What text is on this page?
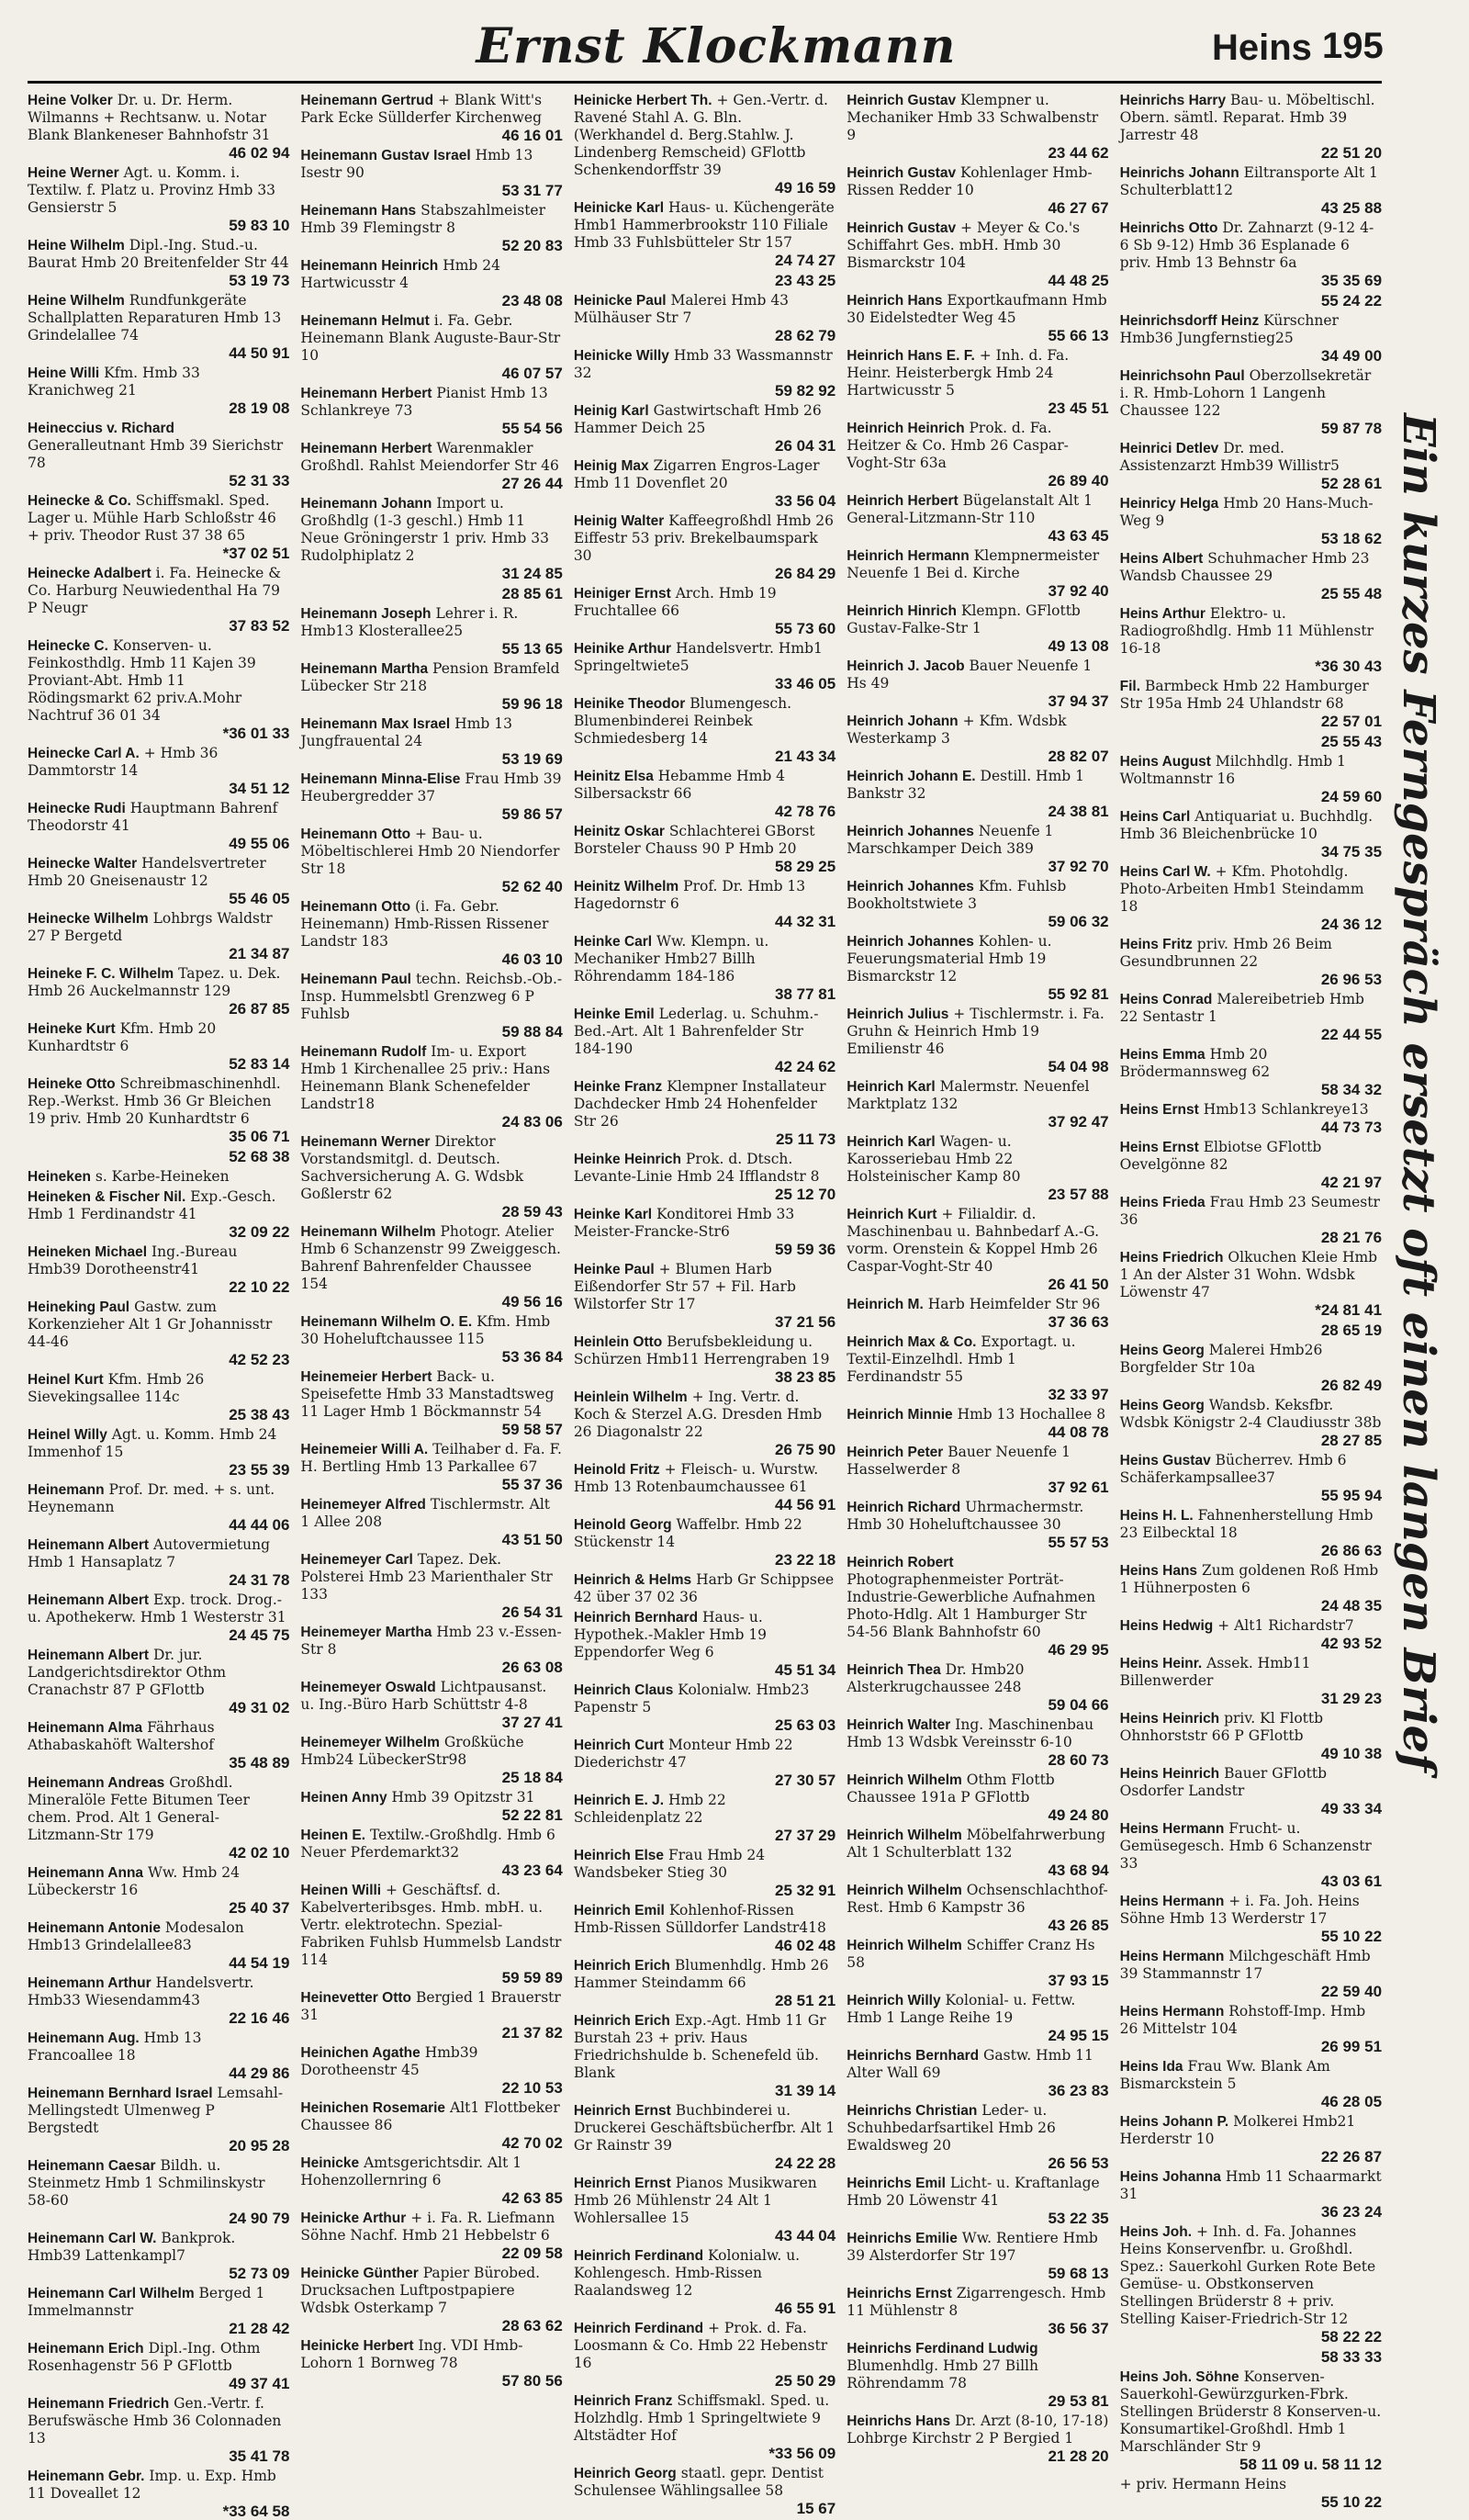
Ernst Klockmann	Heins 195
Heine Volker Dr. u. Dr. Herm. Wilmanns + Rechtsanw. u. Notar Blank Blankeneser Bahnhofstr 31
46 02 94
Heine Werner Agt. u. Komm. i. Textilw. f. Platz u. Provinz Hmb 33 Gensierstr 5
59 83 10
Heine Wilhelm Dipl.-Ing. Stud.-u. Baurat Hmb 20 Breitenfelder Str 44
53 19 73
Heine Wilhelm Rundfunkgeräte Schallplatten Reparaturen Hmb 13 Grindelallee 74
44 50 91
Heine Willi Kfm. Hmb 33 Kranichweg 21
28 19 08
Heineccius v. Richard Generalleutnant Hmb 39 Sierichstr 78
52 31 33
Heinecke & Co. Schiffsmakl. Sped. Lager u. Mühle Harb Schloßstr 46 + priv. Theodor Rust 37 38 65
*37 02 51
Heinecke Adalbert i. Fa. Heinecke & Co. Harburg Neuwiedenthal Ha 79 P Neugr
37 83 52
Heinecke C. Konserven- u. Feinkosthdlg. Hmb 11 Kajen 39 Proviant-Abt. Hmb 11 Rödingsmarkt 62 priv.A.Mohr Nachtruf 36 01 34
*36 01 33
Heinecke Carl A. + Hmb 36 Dammtorstr 14
34 51 12
Heinecke Rudi Hauptmann Bahrenf Theodorstr 41
49 55 06
Heinecke Walter Handelsvertreter Hmb 20 Gneisenaustr 12
55 46 05
Heinecke Wilhelm Lohbrgs Waldstr 27 P Bergetd
21 34 87
Heineke F. C. Wilhelm Tapez. u. Dek. Hmb 26 Auckelmannstr 129
26 87 85
Heineke Kurt Kfm. Hmb 20 Kunhardtstr 6
52 83 14
Heineke Otto Schreibmaschinenhdl. Rep.-Werkst. Hmb 36 Gr Bleichen 19 priv. Hmb 20 Kunhardtstr 6
35 06 71
52 68 38
Heineken s. Karbe-Heineken
Heineken & Fischer Nil. Exp.-Gesch. Hmb 1 Ferdinandstr 41
32 09 22
Heineken Michael Ing.-Bureau Hmb39 Dorotheenstr41
22 10 22
Heineking Paul Gastw. zum Korkenzieher Alt 1 Gr Johannisstr 44-46
42 52 23
Heinel Kurt Kfm. Hmb 26 Sievekingsallee 114c
25 38 43
Heinel Willy Agt. u. Komm. Hmb 24 Immenhof 15
23 55 39
Heinemann Prof. Dr. med. + s. unt. Heynemann
44 44 06
Heinemann Albert Autovermietung Hmb 1 Hansaplatz 7
24 31 78
Heinemann Albert Exp. trock. Drog.- u. Apothekerw. Hmb 1 Westerstr 31
24 45 75
Heinemann Albert Dr. jur. Landgerichtsdirektor Othm Cranachstr 87 P GFlottb
49 31 02
Heinemann Alma Fährhaus Athabaskahöft Waltershof
35 48 89
Heinemann Andreas Großhdl. Mineralöle Fette Bitumen Teer chem. Prod. Alt 1 General-Litzmann-Str 179
42 02 10
Heinemann Anna Ww. Hmb 24 Lübeckerstr 16
25 40 37
Heinemann Antonie Modesalon Hmb13 Grindelallee83
44 54 19
Heinemann Arthur Handelsvertr. Hmb33 Wiesendamm43
22 16 46
Heinemann Aug. Hmb 13 Francoallee 18
44 29 86
Heinemann Bernhard Israel Lemsahl-Mellingstedt Ulmenweg P Bergstedt
20 95 28
Heinemann Caesar Bildh. u. Steinmetz Hmb 1 Schmilinskystr 58-60
24 90 79
Heinemann Carl W. Bankprok. Hmb39 Lattenkampl7
52 73 09
Heinemann Carl Wilhelm Berged 1 Immelmannstr
21 28 42
Heinemann Erich Dipl.-Ing. Othm Rosenhagenstr 56 P GFlottb
49 37 41
Heinemann Friedrich Gen.-Vertr. f. Berufswäsche Hmb 36 Colonnaden 13
35 41 78
Heinemann Gebr. Imp. u. Exp. Hmb 11 Doveallet 12
*33 64 58
Heinemann Gertrud + Blank Witt's Park Ecke Süllderfer Kirchenweg
46 16 01
Heinemann Gustav Israel Hmb 13 Isestr 90
53 31 77
Heinemann Hans Stabszahlmeister Hmb 39 Flemingstr 8
52 20 83
Heinemann Heinrich Hmb 24 Hartwicusstr 4
23 48 08
Heinemann Helmut i. Fa. Gebr. Heinemann Blank Auguste-Baur-Str 10
46 07 57
Heinemann Herbert Pianist Hmb 13 Schlankreye 73
55 54 56
Heinemann Herbert Warenmakler Großhdl. Rahlst Meiendorfer Str 46
27 26 44
Heinemann Johann Import u. Großhdlg (1-3 geschl.) Hmb 11 Neue Gröningerstr 1 priv. Hmb 33 Rudolphiplatz 2
31 24 85
28 85 61
Heinemann Joseph Lehrer i. R. Hmb13 Klosterallee25
55 13 65
Heinemann Martha Pension Bramfeld Lübecker Str 218
59 96 18
Heinemann Max Israel Hmb 13 Jungfrauental 24
53 19 69
Heinemann Minna-Elise Frau Hmb 39 Heubergredder 37
59 86 57
Heinemann Otto + Bau- u. Möbeltischlerei Hmb 20 Niendorfer Str 18
52 62 40
Heinemann Otto (i. Fa. Gebr. Heinemann) Hmb-Rissen Rissener Landstr 183
46 03 10
Heinemann Paul techn. Reichsb.-Ob.-Insp. Hummelsbtl Grenzweg 6 P Fuhlsb
59 88 84
Heinemann Rudolf Im- u. Export Hmb 1 Kirchenallee 25 priv.: Hans Heinemann Blank Schenefelder Landstr18
24 83 06
Heinemann Werner Direktor Vorstandsmitgl. d. Deutsch. Sachversicherung A. G. Wdsbk Goßlerstr 62
28 59 43
Heinemann Wilhelm Photogr. Atelier Hmb 6 Schanzenstr 99 Zweiggesch. Bahrenf Bahrenfelder Chaussee 154
49 56 16
Heinemann Wilhelm O. E. Kfm. Hmb 30 Hoheluftchaussee 115
53 36 84
Heinemeier Herbert Back- u. Speisefette Hmb 33 Manstadtsweg 11 Lager Hmb 1 Böckmannstr 54
59 58 57
Heinemeier Willi A. Teilhaber d. Fa. F. H. Bertling Hmb 13 Parkallee 67
55 37 36
Heinemeyer Alfred Tischlermstr. Alt 1 Allee 208
43 51 50
Heinemeyer Carl Tapez. Dek. Polsterei Hmb 23 Marienthaler Str 133
26 54 31
Heinemeyer Martha Hmb 23 v.-Essen-Str 8
26 63 08
Heinemeyer Oswald Lichtpausanst. u. Ing.-Büro Harb Schüttstr 4-8
37 27 41
Heinemeyer Wilhelm Großküche Hmb24 LübeckerStr98
25 18 84
Heinen Anny Hmb 39 Opitzstr 31
52 22 81
Heinen E. Textilw.-Großhdlg. Hmb 6 Neuer Pferdemarkt32
43 23 64
Heinen Willi + Geschäftsf. d. Kabelverteribsges. Hmb. mbH. u. Vertr. elektrotechn. Spezial-Fabriken Fuhlsb Hummelsb Landstr 114
59 59 89
Heinevetter Otto Bergied 1 Brauerstr 31
21 37 82
Heinichen Agathe Hmb39 Dorotheenstr 45
22 10 53
Heinichen Rosemarie Alt1 Flottbeker Chaussee 86
42 70 02
Heinicke Amtsgerichtsdir. Alt 1 Hohenzollernring 6
42 63 85
Heinicke Arthur + i. Fa. R. Liefmann Söhne Nachf. Hmb 21 Hebbelstr 6
22 09 58
Heinicke Günther Papier Bürobed. Drucksachen Luftpostpapiere Wdsbk Osterkamp 7
28 63 62
Heinicke Herbert Ing. VDI Hmb-Lohorn 1 Bornweg 78
57 80 56
Heinicke Herbert Th. + Gen.-Vertr. d. Ravené Stahl A. G. Bln. (Werkhandel d. Berg.Stahlw. J. Lindenberg Remscheid) GFlottb Schenkendorffstr 39
49 16 59
Heinicke Karl Haus- u. Küchengeräte Hmb1 Hammerbrookstr 110 Filiale Hmb 33 Fuhlsbütteler Str 157
24 74 27
23 43 25
Heinicke Paul Malerei Hmb 43 Mülhäuser Str 7
28 62 79
Heinicke Willy Hmb 33 Wassmannstr 32
59 82 92
Heinig Karl Gastwirtschaft Hmb 26 Hammer Deich 25
26 04 31
Heinig Max Zigarren Engros-Lager Hmb 11 Dovenflet 20
33 56 04
Heinig Walter Kaffeegroßhdl Hmb 26 Eiffestr 53 priv. Brekelbaumspark 30
26 84 29
Heiniger Ernst Arch. Hmb 19 Fruchtallee 66
55 73 60
Heinike Arthur Handelsvertr. Hmb1 Springeltwiete5
33 46 05
Heinike Theodor Blumengesch. Blumenbinderei Reinbek Schmiedesberg 14
21 43 34
Heinitz Elsa Hebamme Hmb 4 Silbersackstr 66
42 78 76
Heinitz Oskar Schlachterei GBorst Borsteler Chauss 90 P Hmb 20
58 29 25
Heinitz Wilhelm Prof. Dr. Hmb 13 Hagedornstr 6
44 32 31
Heinke Carl Ww. Klempn. u. Mechaniker Hmb27 Billh Röhrendamm 184-186
38 77 81
Heinke Emil Lederlag. u. Schuhm.-Bed.-Art. Alt 1 Bahrenfelder Str 184-190
42 24 62
Heinke Franz Klempner Installateur Dachdecker Hmb 24 Hohenfelder Str 26
25 11 73
Heinke Heinrich Prok. d. Dtsch. Levante-Linie Hmb 24 Ifflandstr 8
25 12 70
Heinke Karl Konditorei Hmb 33 Meister-Francke-Str6
59 59 36
Heinke Paul + Blumen Harb Eißendorfer Str 57 + Fil. Harb Wilstorfer Str 17
37 21 56
Heinlein Otto Berufsbekleidung u. Schürzen Hmb11 Herrengraben 19
38 23 85
Heinlein Wilhelm + Ing. Vertr. d. Koch & Sterzel A.G. Dresden Hmb 26 Diagonalstr 22
26 75 90
Heinold Fritz + Fleisch- u. Wurstw. Hmb 13 Rotenbaumchaussee 61
44 56 91
Heinold Georg Waffelbr. Hmb 22 Stückenstr 14
23 22 18
Heinrich & Helms Harb Gr Schippsee 42 über 37 02 36
Heinrich Bernhard Haus- u. Hypothek.-Makler Hmb 19 Eppendorfer Weg 6
45 51 34
Heinrich Claus Kolonialw. Hmb23 Papenstr 5
25 63 03
Heinrich Curt Monteur Hmb 22 Diederichstr 47
27 30 57
Heinrich E. J. Hmb 22 Schleidenplatz 22
27 37 29
Heinrich Else Frau Hmb 24 Wandsbeker Stieg 30
25 32 91
Heinrich Emil Kohlenhof-Rissen Hmb-Rissen Sülldorfer Landstr418
46 02 48
Heinrich Erich Blumenhdlg. Hmb 26 Hammer Steindamm 66
28 51 21
Heinrich Erich Exp.-Agt. Hmb 11 Gr Burstah 23 + priv. Haus Friedrichshulde b. Schenefeld üb. Blank
31 39 14
Heinrich Ernst Buchbinderei u. Druckerei Geschäftsbücherfbr. Alt 1 Gr Rainstr 39
24 22 28
Heinrich Ernst Pianos Musikwaren Hmb 26 Mühlenstr 24 Alt 1 Wohlersallee 15
43 44 04
Heinrich Ferdinand Kolonialw. u. Kohlengesch. Hmb-Rissen Raalandsweg 12
46 55 91
Heinrich Ferdinand + Prok. d. Fa. Loosmann & Co. Hmb 22 Hebenstr 16
25 50 29
Heinrich Franz Schiffsmakl. Sped. u. Holzhdlg. Hmb 1 Springeltwiete 9 Altstädter Hof
*33 56 09
Heinrich Georg staatl. gepr. Dentist Schulensee Wählingsallee 58
15 67
Heinrich Gustav Klempner u. Mechaniker Hmb 33 Schwalbenstr 9
23 44 62
Heinrich Gustav Kohlenlager Hmb-Rissen Redder 10
46 27 67
Heinrich Gustav + Meyer & Co.'s Schiffahrt Ges. mbH. Hmb 30 Bismarckstr 104
44 48 25
Heinrich Hans Exportkaufmann Hmb 30 Eidelstedter Weg 45
55 66 13
Heinrich Hans E. F. + Inh. d. Fa. Heinr. Heisterbergk Hmb 24 Hartwicusstr 5
23 45 51
Heinrich Heinrich Prok. d. Fa. Heitzer & Co. Hmb 26 Caspar-Voght-Str 63a
26 89 40
Heinrich Herbert Bügelanstalt Alt 1 General-Litzmann-Str 110
43 63 45
Heinrich Hermann Klempnermeister Neuenfe 1 Bei d. Kirche
37 92 40
Heinrich Hinrich Klempn. GFlottb Gustav-Falke-Str 1
49 13 08
Heinrich J. Jacob Bauer Neuenfe 1 Hs 49
37 94 37
Heinrich Johann + Kfm. Wdsbk Westerkamp 3
28 82 07
Heinrich Johann E. Destill. Hmb 1 Bankstr 32
24 38 81
Heinrich Johannes Neuenfe 1 Marschkamper Deich 389
37 92 70
Heinrich Johannes Kfm. Fuhlsb Bookholtstwiete 3
59 06 32
Heinrich Johannes Kohlen- u. Feuerungsmaterial Hmb 19 Bismarckstr 12
55 92 81
Heinrich Julius + Tischlermstr. i. Fa. Gruhn & Heinrich Hmb 19 Emilienstr 46
54 04 98
Heinrich Karl Malermstr. Neuenfel Marktplatz 132
37 92 47
Heinrich Karl Wagen- u. Karosseriebau Hmb 22 Holsteinischer Kamp 80
23 57 88
Heinrich Kurt + Filialdir. d. Maschinenbau u. Bahnbedarf A.-G. vorm. Orenstein & Koppel Hmb 26 Caspar-Voght-Str 40
26 41 50
Heinrich M. Harb Heimfelder Str 96
37 36 63
Heinrich Max & Co. Exportagt. u. Textil-Einzelhdl. Hmb 1 Ferdinandstr 55
32 33 97
Heinrich Minnie Hmb 13 Hochallee 8
44 08 78
Heinrich Peter Bauer Neuenfe 1 Hasselwerder 8
37 92 61
Heinrich Richard Uhrmachermstr. Hmb 30 Hoheluftchaussee 30
55 57 53
Heinrich Robert Photographenmeister Porträt-Industrie-Gewerbliche Aufnahmen Photo-Hdlg. Alt 1 Hamburger Str 54-56 Blank Bahnhofstr 60
46 29 95
Heinrich Thea Dr. Hmb20 Alsterkrugchaussee 248
59 04 66
Heinrich Walter Ing. Maschinenbau Hmb 13 Wdsbk Vereinsstr 6-10
28 60 73
Heinrich Wilhelm Othm Flottb Chaussee 191a P GFlottb
49 24 80
Heinrich Wilhelm Möbelfahrwerbung Alt 1 Schulterblatt 132
43 68 94
Heinrich Wilhelm Ochsenschlachthof-Rest. Hmb 6 Kampstr 36
43 26 85
Heinrich Wilhelm Schiffer Cranz Hs 58
37 93 15
Heinrich Willy Kolonial- u. Fettw. Hmb 1 Lange Reihe 19
24 95 15
Heinrichs Bernhard Gastw. Hmb 11 Alter Wall 69
36 23 83
Heinrichs Christian Leder- u. Schuhbedarfsartikel Hmb 26 Ewaldsweg 20
26 56 53
Heinrichs Emil Licht- u. Kraftanlage Hmb 20 Löwenstr 41
53 22 35
Heinrichs Emilie Ww. Rentiere Hmb 39 Alsterdorfer Str 197
59 68 13
Heinrichs Ernst Zigarrengesch. Hmb 11 Mühlenstr 8
36 56 37
Heinrichs Ferdinand Ludwig Blumenhdlg. Hmb 27 Billh Röhrendamm 78
29 53 81
Heinrichs Hans Dr. Arzt (8-10, 17-18) Lohbrge Kirchstr 2 P Bergied 1
21 28 20
Heinrichs Harry Bau- u. Möbeltischl. Obern. sämtl. Reparat. Hmb 39 Jarrestr 48
22 51 20
Heinrichs Johann Eiltransporte Alt 1 Schulterblatt12
43 25 88
Heinrichs Otto Dr. Zahnarzt (9-12 4-6 Sb 9-12) Hmb 36 Esplanade 6 priv. Hmb 13 Behnstr 6a
35 35 69
55 24 22
Heinrichsdorff Heinz Kürschner Hmb36 Jungfernstieg25
34 49 00
Heinrichsohn Paul Oberzollsekretär i. R. Hmb-Lohorn 1 Langenh Chaussee 122
59 87 78
Heinrici Detlev Dr. med. Assistenzarzt Hmb39 Willistr5
52 28 61
Heinricy Helga Hmb 20 Hans-Much-Weg 9
53 18 62
Heins Albert Schuhmacher Hmb 23 Wandsb Chaussee 29
25 55 48
Heins Arthur Elektro- u. Radiogroßhdlg. Hmb 11 Mühlenstr 16-18
*36 30 43
Fil. Barmbeck Hmb 22 Hamburger Str 195a Hmb 24 Uhlandstr 68
22 57 01
25 55 43
Heins August Milchhdlg. Hmb 1 Woltmannstr 16
24 59 60
Heins Carl Antiquariat u. Buchhdlg. Hmb 36 Bleichenbrücke 10
34 75 35
Heins Carl W. + Kfm. Photohdlg. Photo-Arbeiten Hmb1 Steindamm 18
24 36 12
Heins Fritz priv. Hmb 26 Beim Gesundbrunnen 22
26 96 53
Heins Conrad Malereibetrieb Hmb 22 Sentastr 1
22 44 55
Heins Emma Hmb 20 Brödermannsweg 62
58 34 32
Heins Ernst Hmb13 Schlankreye13
44 73 73
Heins Ernst Elbiotse GFlottb Oevelgönne 82
42 21 97
Heins Frieda Frau Hmb 23 Seumestr 36
28 21 76
Heins Friedrich Olkuchen Kleie Hmb 1 An der Alster 31 Wohn. Wdsbk Löwenstr 47
*24 81 41
28 65 19
Heins Georg Malerei Hmb26 Borgfelder Str 10a
26 82 49
Heins Georg Wandsb. Keksfbr. Wdsbk Königstr 2-4 Claudiusstr 38b
28 27 85
Heins Gustav Bücherrev. Hmb 6 Schäferkampsallee37
55 95 94
Heins H. L. Fahnenherstellung Hmb 23 Eilbecktal 18
26 86 63
Heins Hans Zum goldenen Roß Hmb 1 Hühnerposten 6
24 48 35
Heins Hedwig + Alt1 Richardstr7
42 93 52
Heins Heinr. Assek. Hmb11 Billenwerder
31 29 23
Heins Heinrich priv. Kl Flottb Ohnhorststr 66 P GFlottb
49 10 38
Heins Heinrich Bauer GFlottb Osdorfer Landstr
49 33 34
Heins Hermann Frucht- u. Gemüsegesch. Hmb 6 Schanzenstr 33
43 03 61
Heins Hermann + i. Fa. Joh. Heins Söhne Hmb 13 Werderstr 17
55 10 22
Heins Hermann Milchgeschäft Hmb 39 Stammannstr 17
22 59 40
Heins Hermann Rohstoff-Imp. Hmb 26 Mittelstr 104
26 99 51
Heins Ida Frau Ww. Blank Am Bismarckstein 5
46 28 05
Heins Johann P. Molkerei Hmb21 Herderstr 10
22 26 87
Heins Johanna Hmb 11 Schaarmarkt 31
36 23 24
Heins Joh. + Inh. d. Fa. Johannes Heins Konservenfbr. u. Großhdl. Spez.: Sauerkohl Gurken Rote Bete Gemüse- u. Obstkonserven Stellingen Brüderstr 8 + priv. Stelling Kaiser-Friedrich-Str 12
58 22 22
58 33 33
Heins Joh. Söhne Konserven-Sauerkohl-Gewürzgurken-Fbrk. Stellingen Brüderstr 8 Konserven-u. Konsumartikel-Großhdl. Hmb 1 Marschländer Str 9
58 11 09 u. 58 11 12
+ priv. Hermann Heins
55 10 22
Ein kurzes Ferngespräch ersetzt oft einen langen Brief
